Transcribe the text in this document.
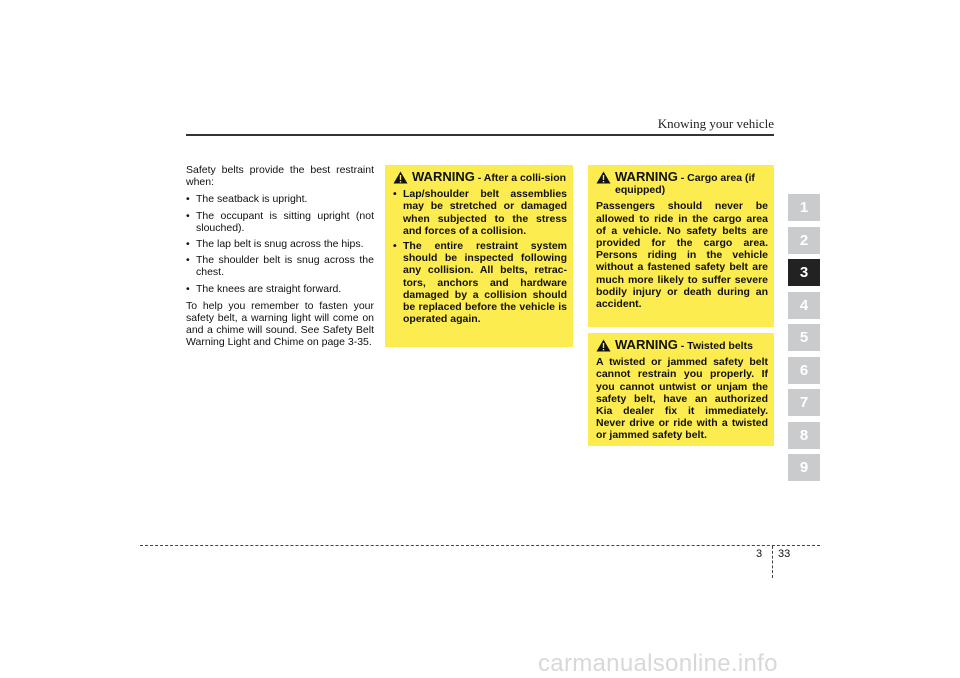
Knowing your vehicle

Safety belts provide the best restraint when:

• The seatback is upright.
• The occupant is sitting upright (not slouched).
• The lap belt is snug across the hips.
• The shoulder belt is snug across the chest.
• The knees are straight forward.

To help you remember to fasten your safety belt, a warning light will come on and a chime will sound. See Safety Belt Warning Light and Chime on page 3-35.

WARNING - After a colli-sion
• Lap/shoulder belt assemblies may be stretched or damaged when subjected to the stress and forces of a collision.
• The entire restraint system should be inspected following any collision. All belts, retrac-tors, anchors and hardware damaged by a collision should be replaced before the vehicle is operated again.
WARNING - Cargo area (if equipped)

Passengers should never be allowed to ride in the cargo area of a vehicle. No safety belts are provided for the cargo area. Persons riding in the vehicle without a fastened safety belt are much more likely to suffer severe bodily injury or death during an accident.

WARNING - Twisted belts

A twisted or jammed safety belt cannot restrain you properly. If you cannot untwist or unjam the safety belt, have an authorized Kia dealer fix it immediately. Never drive or ride with a twisted or jammed safety belt.

1
2
3
4
5
6
7
8
9
3 33
carmanualsonline.info
